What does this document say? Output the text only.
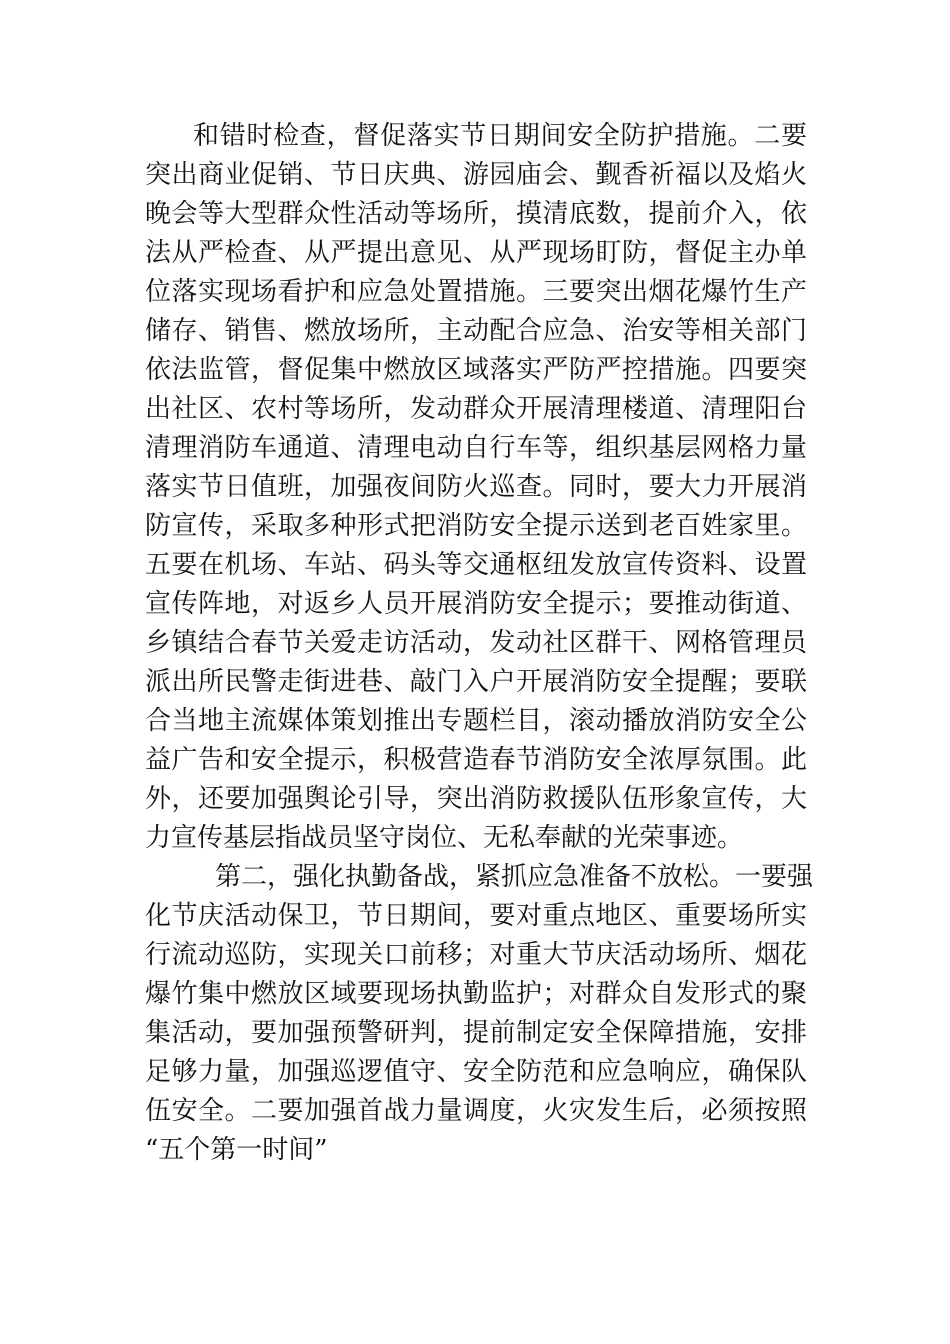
和错时检查，督促落实节日期间安全防护措施。二要
突出商业促销、节日庆典、游园庙会、觐香祈福以及焰火
晚会等大型群众性活动等场所，摸清底数，提前介入，依
法从严检查、从严提出意见、从严现场盯防，督促主办单
位落实现场看护和应急处置措施。三要突出烟花爆竹生产
储存、销售、燃放场所，主动配合应急、治安等相关部门
依法监管，督促集中燃放区域落实严防严控措施。四要突
出社区、农村等场所，发动群众开展清理楼道、清理阳台
清理消防车通道、清理电动自行车等，组织基层网格力量
落实节日值班，加强夜间防火巡查。同时，要大力开展消
防宣传，采取多种形式把消防安全提示送到老百姓家里。
五要在机场、车站、码头等交通枢纽发放宣传资料、设置
宣传阵地，对返乡人员开展消防安全提示；要推动街道、
乡镇结合春节关爱走访活动，发动社区群干、网格管理员
派出所民警走街进巷、敲门入户开展消防安全提醒；要联
合当地主流媒体策划推出专题栏目，滚动播放消防安全公
益广告和安全提示，积极营造春节消防安全浓厚氛围。此
外，还要加强舆论引导，突出消防救援队伍形象宣传，大
力宣传基层指战员坚守岗位、无私奉献的光荣事迹。
第二，强化执勤备战，紧抓应急准备不放松。一要强
化节庆活动保卫，节日期间，要对重点地区、重要场所实
行流动巡防，实现关口前移；对重大节庆活动场所、烟花
爆竹集中燃放区域要现场执勤监护；对群众自发形式的聚
集活动，要加强预警研判，提前制定安全保障措施，安排
足够力量，加强巡逻值守、安全防范和应急响应，确保队
伍安全。二要加强首战力量调度，火灾发生后，必须按照
“五个第一时间”
